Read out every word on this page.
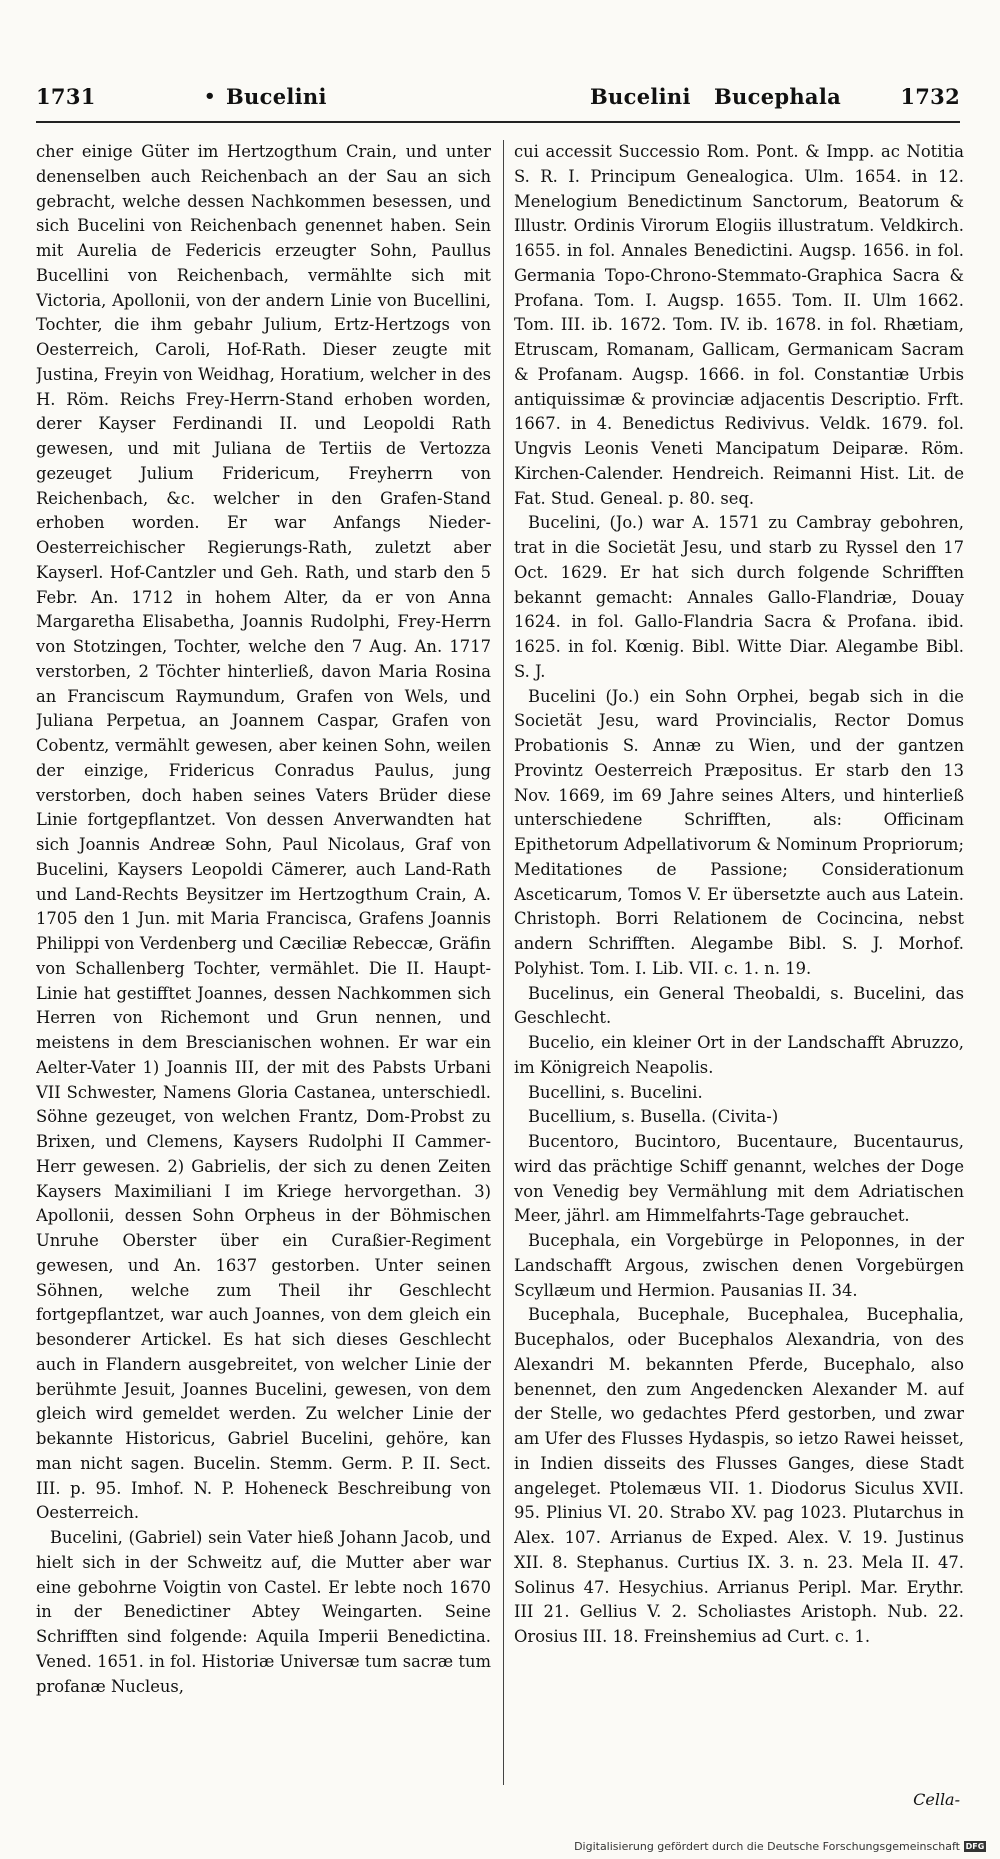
1731	• Bucelini	Bucelini Bucephala	1732

cher einige Güter im Hertzogthum Crain, und unter denenselben auch Reichenbach an der Sau an sich gebracht, welche dessen Nachkommen besessen, und sich Bucelini von Reichenbach genennet haben. Sein mit Aurelia de Federicis erzeugter Sohn, Paullus Bucellini von Reichenbach, vermählte sich mit Victoria, Apollonii, von der andern Linie von Bucellini, Tochter, die ihm gebahr Julium, Ertz-Hertzogs von Oesterreich, Caroli, Hof-Rath. Dieser zeugte mit Justina, Freyin von Weidhag, Horatium, welcher in des H. Röm. Reichs Frey-Herrn-Stand erhoben worden, derer Kayser Ferdinandi II. und Leopoldi Rath gewesen, und mit Juliana de Tertiis de Vertozza gezeuget Julium Fridericum, Freyherrn von Reichenbach, &c. welcher in den Grafen-Stand erhoben worden. Er war Anfangs Nieder-Oesterreichischer Regierungs-Rath, zuletzt aber Kayserl. Hof-Cantzler und Geh. Rath, und starb den 5 Febr. An. 1712 in hohem Alter, da er von Anna Margaretha Elisabetha, Joannis Rudolphi, Frey-Herrn von Stotzingen, Tochter, welche den 7 Aug. An. 1717 verstorben, 2 Töchter hinterließ, davon Maria Rosina an Franciscum Raymundum, Grafen von Wels, und Juliana Perpetua, an Joannem Caspar, Grafen von Cobentz, vermählt gewesen, aber keinen Sohn, weilen der einzige, Fridericus Conradus Paulus, jung verstorben, doch haben seines Vaters Brüder diese Linie fortgepflantzet. Von dessen Anverwandten hat sich Joannis Andreæ Sohn, Paul Nicolaus, Graf von Bucelini, Kaysers Leopoldi Cämerer, auch Land-Rath und Land-Rechts Beysitzer im Hertzogthum Crain, A. 1705 den 1 Jun. mit Maria Francisca, Grafens Joannis Philippi von Verdenberg und Cæciliæ Rebeccæ, Gräfin von Schallenberg Tochter, vermählet. Die II. Haupt-Linie hat gestifftet Joannes, dessen Nachkommen sich Herren von Richemont und Grun nennen, und meistens in dem Brescianischen wohnen. Er war ein Aelter-Vater 1) Joannis III, der mit des Pabsts Urbani VII Schwester, Namens Gloria Castanea, unterschiedl. Söhne gezeuget, von welchen Frantz, Dom-Probst zu Brixen, und Clemens, Kaysers Rudolphi II Cammer-Herr gewesen. 2) Gabrielis, der sich zu denen Zeiten Kaysers Maximiliani I im Kriege hervorgethan. 3) Apollonii, dessen Sohn Orpheus in der Böhmischen Unruhe Oberster über ein Curaßier-Regiment gewesen, und An. 1637 gestorben. Unter seinen Söhnen, welche zum Theil ihr Geschlecht fortgepflantzet, war auch Joannes, von dem gleich ein besonderer Artickel. Es hat sich dieses Geschlecht auch in Flandern ausgebreitet, von welcher Linie der berühmte Jesuit, Joannes Bucelini, gewesen, von dem gleich wird gemeldet werden. Zu welcher Linie der bekannte Historicus, Gabriel Bucelini, gehöre, kan man nicht sagen. Bucelin. Stemm. Germ. P. II. Sect. III. p. 95. Imhof. N. P. Hoheneck Beschreibung von Oesterreich.

Bucelini, (Gabriel) sein Vater hieß Johann Jacob, und hielt sich in der Schweitz auf, die Mutter aber war eine gebohrne Voigtin von Castel. Er lebte noch 1670 in der Benedictiner Abtey Weingarten. Seine Schrifften sind folgende: Aquila Imperii Benedictina. Vened. 1651. in fol. Historiæ Universæ tum sacræ tum profanæ Nucleus,

cui accessit Successio Rom. Pont. & Impp. ac Notitia S. R. I. Principum Genealogica. Ulm. 1654. in 12. Menelogium Benedictinum Sanctorum, Beatorum & Illustr. Ordinis Virorum Elogiis illustratum. Veldkirch. 1655. in fol. Annales Benedictini. Augsp. 1656. in fol. Germania Topo-Chrono-Stemmato-Graphica Sacra & Profana. Tom. I. Augsp. 1655. Tom. II. Ulm 1662. Tom. III. ib. 1672. Tom. IV. ib. 1678. in fol. Rhætiam, Etruscam, Romanam, Gallicam, Germanicam Sacram & Profanam. Augsp. 1666. in fol. Constantiæ Urbis antiquissimæ & provinciæ adjacentis Descriptio. Frft. 1667. in 4. Benedictus Redivivus. Veldk. 1679. fol. Ungvis Leonis Veneti Mancipatum Deiparæ. Röm. Kirchen-Calender. Hendreich. Reimanni Hist. Lit. de Fat. Stud. Geneal. p. 80. seq.

Bucelini, (Jo.) war A. 1571 zu Cambray gebohren, trat in die Societät Jesu, und starb zu Ryssel den 17 Oct. 1629. Er hat sich durch folgende Schrifften bekannt gemacht: Annales Gallo-Flandriæ, Douay 1624. in fol. Gallo-Flandria Sacra & Profana. ibid. 1625. in fol. Kœnig. Bibl. Witte Diar. Alegambe Bibl. S. J.

Bucelini (Jo.) ein Sohn Orphei, begab sich in die Societät Jesu, ward Provincialis, Rector Domus Probationis S. Annæ zu Wien, und der gantzen Provintz Oesterreich Præpositus. Er starb den 13 Nov. 1669, im 69 Jahre seines Alters, und hinterließ unterschiedene Schrifften, als: Officinam Epithetorum Adpellativorum & Nominum Propriorum; Meditationes de Passione; Considerationum Asceticarum, Tomos V. Er übersetzte auch aus Latein. Christoph. Borri Relationem de Cocincina, nebst andern Schrifften. Alegambe Bibl. S. J. Morhof. Polyhist. Tom. I. Lib. VII. c. 1. n. 19.

Bucelinus, ein General Theobaldi, s. Bucelini, das Geschlecht.

Bucelio, ein kleiner Ort in der Landschafft Abruzzo, im Königreich Neapolis.

Bucellini, s. Bucelini.

Bucellium, s. Busella. (Civita-)

Bucentoro, Bucintoro, Bucentaure, Bucentaurus, wird das prächtige Schiff genannt, welches der Doge von Venedig bey Vermählung mit dem Adriatischen Meer, jährl. am Himmelfahrts-Tage gebrauchet.

Bucephala, ein Vorgebürge in Peloponnes, in der Landschafft Argous, zwischen denen Vorgebürgen Scyllæum und Hermion. Pausanias II. 34.

Bucephala, Bucephale, Bucephalea, Bucephalia, Bucephalos, oder Bucephalos Alexandria, von des Alexandri M. bekannten Pferde, Bucephalo, also benennet, den zum Angedencken Alexander M. auf der Stelle, wo gedachtes Pferd gestorben, und zwar am Ufer des Flusses Hydaspis, so ietzo Rawei heisset, in Indien disseits des Flusses Ganges, diese Stadt angeleget. Ptolemæus VII. 1. Diodorus Siculus XVII. 95. Plinius VI. 20. Strabo XV. pag 1023. Plutarchus in Alex. 107. Arrianus de Exped. Alex. V. 19. Justinus XII. 8. Stephanus. Curtius IX. 3. n. 23. Mela II. 47. Solinus 47. Hesychius. Arrianus Peripl. Mar. Erythr. III 21. Gellius V. 2. Scholiastes Aristoph. Nub. 22. Orosius III. 18. Freinshemius ad Curt. c. 1.

Cella-
Digitalisierung gefördert durch die Deutsche Forschungsgemeinschaft DFG
